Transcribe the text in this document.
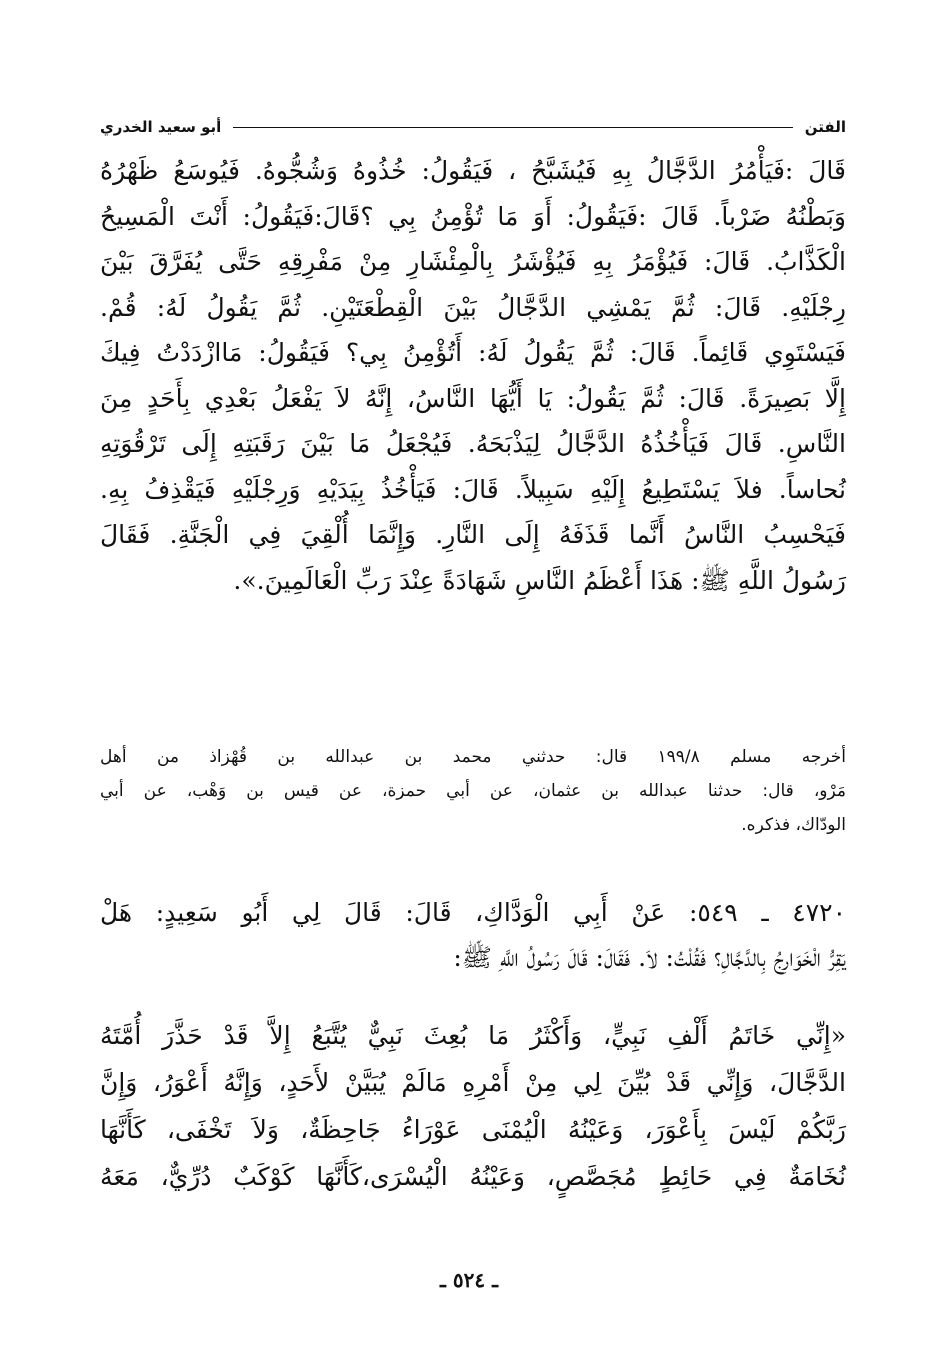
الفتن
أبو سعيد الخدري
قَالَ :فَيَأْمُرُ الدَّجَّالُ بِهِ فَيُشَبَّحُ ، فَيَقُولُ: خُذُوهُ وَشُجُّوهُ. فَيُوسَعُ ظَهْرُهُ
وَبَطْنُهُ ضَرْباً. قَالَ :فَيَقُولُ: أَوَ مَا تُؤْمِنُ بِي ؟قَالَ:فَيَقُولُ: أَنْتَ الْمَسِيحُ
الْكَذَّابُ. قَالَ: فَيُؤْمَرُ بِهِ فَيُؤْشَرُ بِالْمِئْشَارِ مِنْ مَفْرِقِهِ حَتَّى يُفَرَّقَ بَيْنَ
رِجْلَيْهِ. قَالَ: ثُمَّ يَمْشِي الدَّجَّالُ بَيْنَ الْقِطْعَتَيْنِ. ثُمَّ يَقُولُ لَهُ: قُمْ.
فَيَسْتَوِي قَائِماً. قَالَ: ثُمَّ يَقُولُ لَهُ: أَتُؤْمِنُ بِي؟ فَيَقُولُ: مَاازْدَدْتُ فِيكَ
إِلَّا بَصِيرَةً. قَالَ: ثُمَّ يَقُولُ: يَا أَيُّهَا النَّاسُ، إِنَّهُ لاَ يَفْعَلُ بَعْدِي بِأَحَدٍ مِنَ
النَّاسِ. قَالَ فَيَأْخُذُهُ الدَّجَّالُ لِيَذْبَحَهُ. فَيُجْعَلُ مَا بَيْنَ رَقَبَتِهِ إِلَى تَرْقُوَتِهِ
نُحاساً. فلاَ يَسْتَطِيعُ إِلَيْهِ سَبِيلاً. قَالَ: فَيَأْخُذُ بِيَدَيْهِ وَرِجْلَيْهِ فَيَقْذِفُ بِهِ.
فَيَحْسِبُ النَّاسُ أَنَّما قَذَفَهُ إِلَى النَّارِ. وَإِنَّمَا أُلْقِيَ فِي الْجَنَّةِ. فَقَالَ
رَسُولُ اللَّهِ ﷺ: هَذَا أَعْظَمُ النَّاسِ شَهَادَةً عِنْدَ رَبِّ الْعَالَمِينَ.».
أخرجه مسلم ١٩٩/٨ قال: حدثني محمد بن عبدالله بن قُهْزاذ من أهل
مَرْو، قال: حدثنا عبدالله بن عثمان، عن أبي حمزة، عن قيس بن وَهْب، عن أبي
الودّاك، فذكره.
٤٧٢٠ ـ ٥٤٩: عَنْ أَبِي الْوَدَّاكِ، قَالَ: قَالَ لِي أَبُو سَعِيدٍ: هَلْ
يَقِرُّ الْخَوَارِجُ بِالدَّجَّالِ؟ فَقُلْتُ: لاَ. فَقَالَ: قَالَ رَسُولُ اللَّهِ ﷺ:
«إِنِّي خَاتَمُ أَلْفِ نَبِيٍّ، وَأَكْثَرُ مَا بُعِثَ نَبِيٌّ يُتَّبَعُ إِلاَّ قَدْ حَذَّرَ أُمَّتَهُ
الدَّجَّالَ، وَإِنِّي قَدْ بُيِّنَ لِي مِنْ أَمْرِهِ مَالَمْ يُبَيَّنْ لأَحَدٍ، وَإِنَّهُ أَعْوَرُ، وَإِنَّ
رَبَّكُمْ لَيْسَ بِأَعْوَرَ، وَعَيْنُهُ الْيُمْنَى عَوْرَاءُ جَاحِظَةٌ، وَلاَ تَخْفَى، كَأَنَّهَا
نُخَامَةٌ فِي حَائِطٍ مُجَصَّصٍ، وَعَيْنُهُ الْيُسْرَى،كَأَنَّهَا كَوْكَبٌ دُرِّيٌّ، مَعَهُ
ـ ٥٢٤ ـ
